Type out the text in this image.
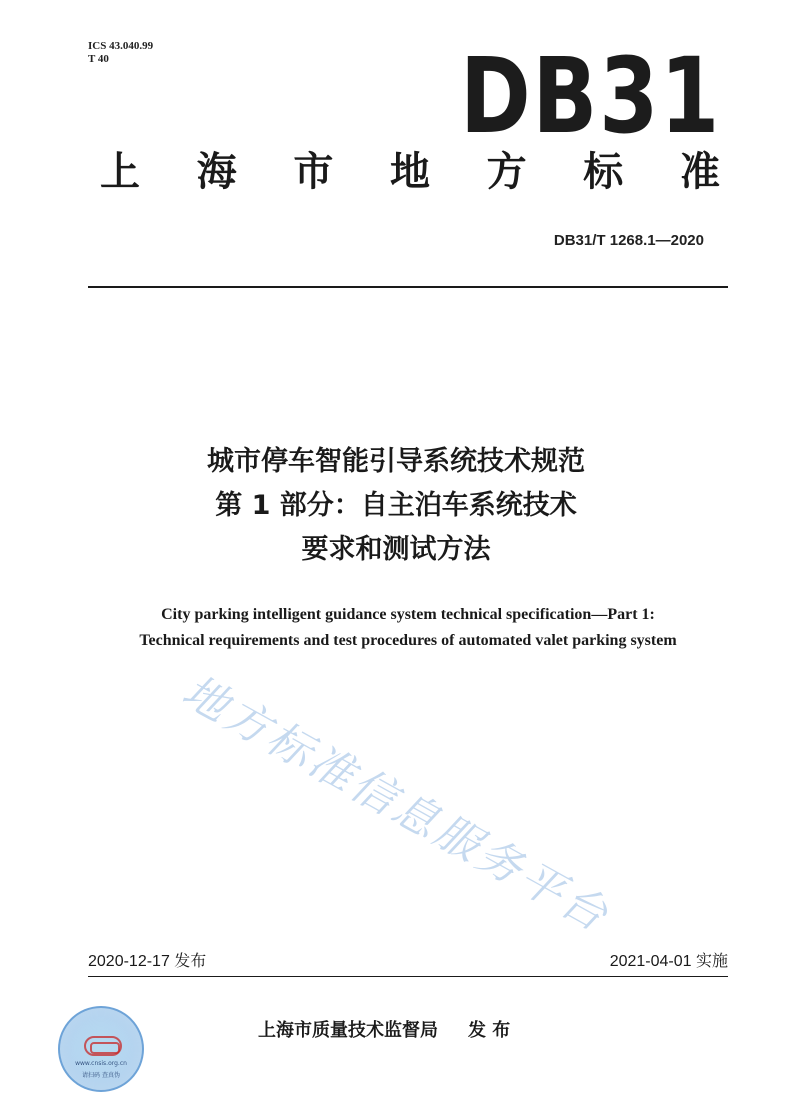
ICS 43.040.99
T 40	DB31
上 海 市 地 方 标 准
DB31/T 1268.1—2020
城市停车智能引导系统技术规范
第 1 部分：自主泊车系统技术
要求和测试方法
City parking intelligent guidance system technical specification—Part 1:
Technical requirements and test procedures of automated valet parking system
地方标准信息服务平台
2020-12-17 发布	2021-04-01 实施
www.cnsis.org.cn
请扫码 查真伪
上海市质量技术监督局 发 布
